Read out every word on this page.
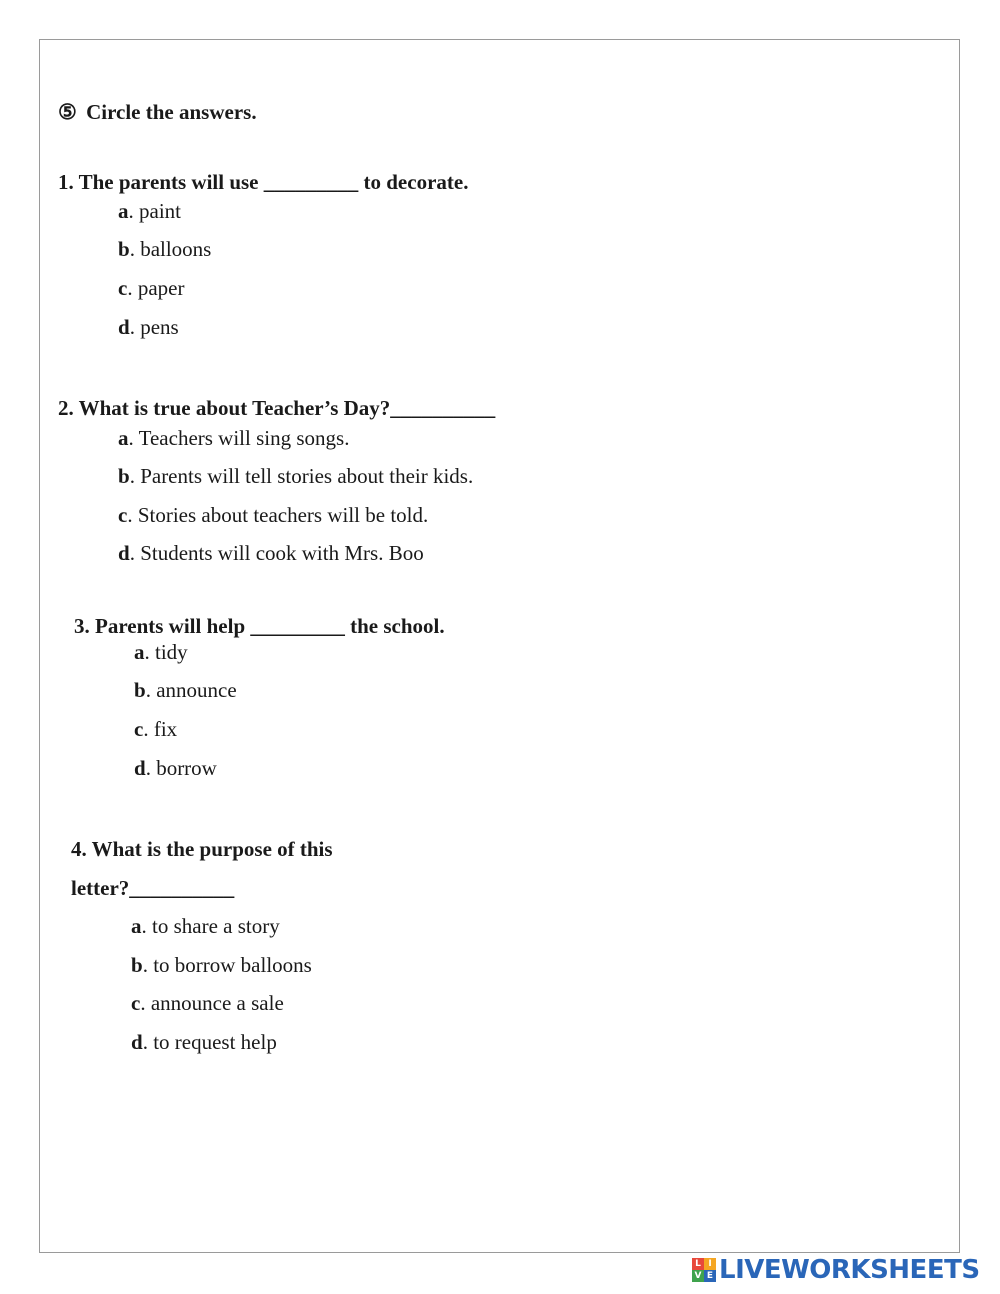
⑤ Circle the answers.
1. The parents will use _________ to decorate.
a. paint
b. balloons
c. paper
d. pens
2. What is true about Teacher’s Day?__________
a. Teachers will sing songs.
b. Parents will tell stories about their kids.
c. Stories about teachers will be told.
d. Students will cook with Mrs. Boo
3. Parents will help _________ the school.
a. tidy
b. announce
c. fix
d. borrow
4. What is the purpose of this
letter?__________
a. to share a story
b. to borrow balloons
c. announce a sale
d. to request help
L I
V E LIVEWORKSHEETS
